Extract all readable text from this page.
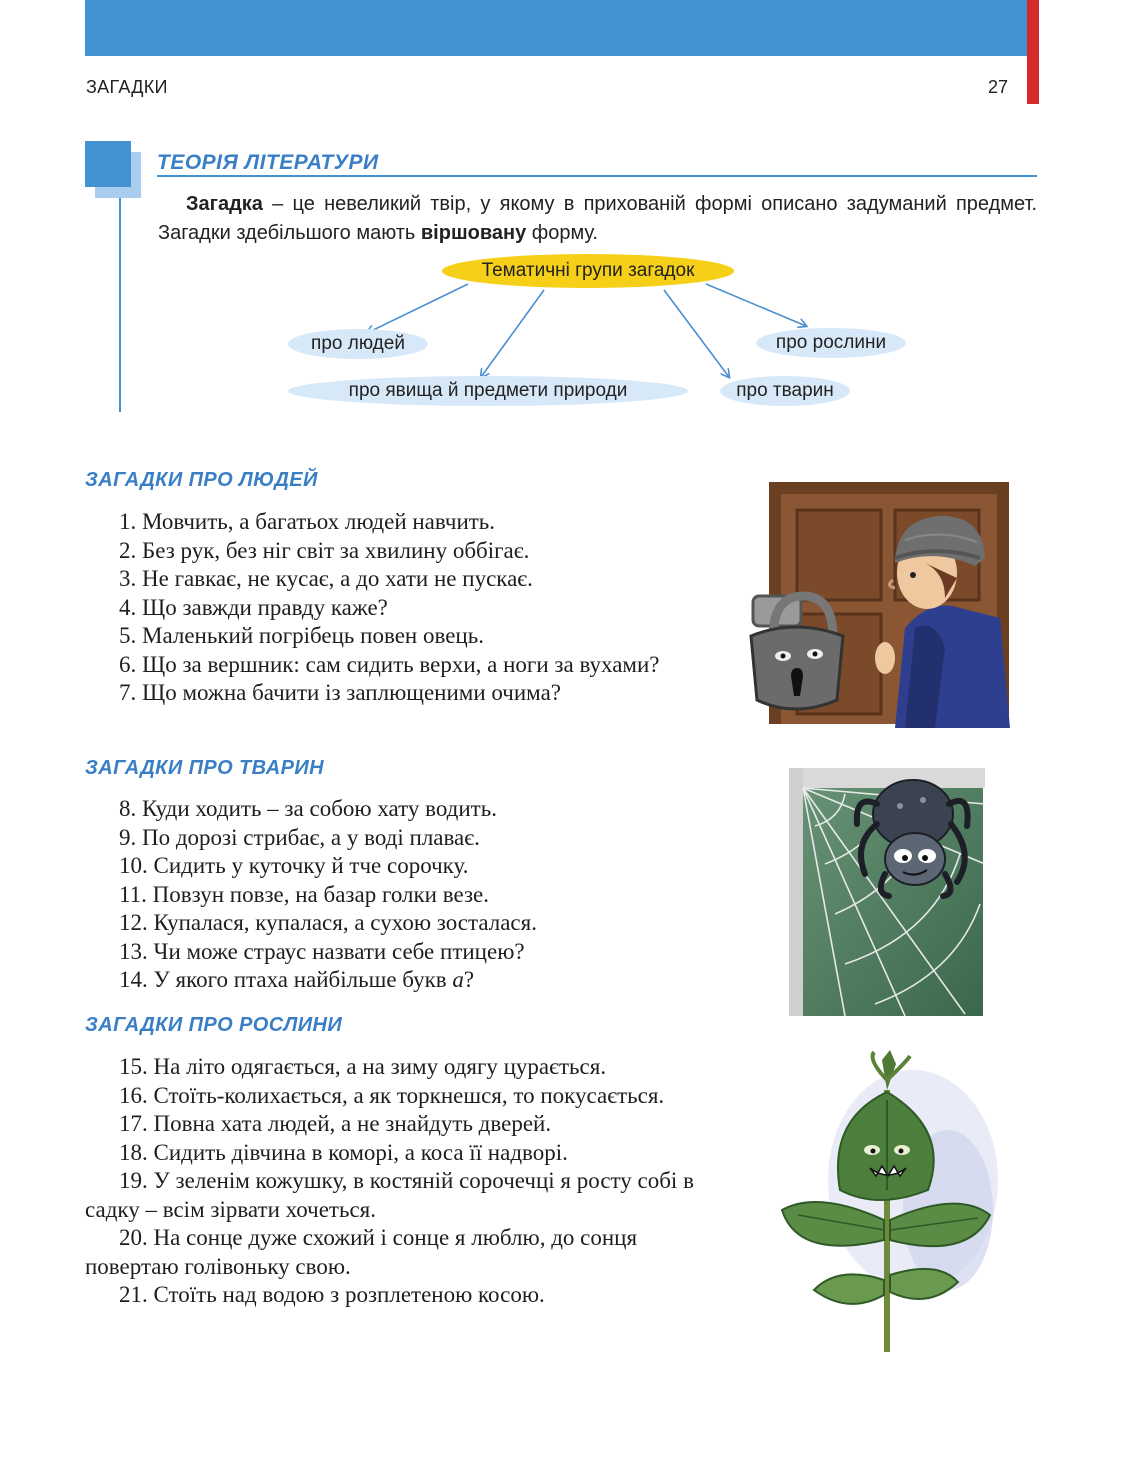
ЗАГАДКИ	27
ТЕОРІЯ ЛІТЕРАТУРИ

Загадка – це невеликий твір, у якому в прихованій формі описано задуманий предмет. Загадки здебільшого мають віршовану форму.

Тематичні групи загадок
про людей
про явища й предмети природи	про тварин
про рослини
ЗАГАДКИ ПРО ЛЮДЕЙ
1. Мовчить, а багатьох людей навчить.
2. Без рук, без ніг світ за хвилину оббігає.
3. Не гавкає, не кусає, а до хати не пускає.
4. Що завжди правду каже?
5. Маленький погрібець повен овець.
6. Що за вершник: сам сидить верхи, а ноги за вухами?
7. Що можна бачити із заплющеними очима?
ЗАГАДКИ ПРО ТВАРИН
8. Куди ходить – за собою хату водить.
9. По дорозі стрибає, а у воді плаває.
10. Сидить у куточку й тче сорочку.
11. Повзун повзе, на базар голки везе.
12. Купалася, купалася, а сухою зосталася.
13. Чи може страус назвати себе птицею?
14. У якого птаха найбільше букв а?
ЗАГАДКИ ПРО РОСЛИНИ
15. На літо одягається, а на зиму одягу цурається.
16. Стоїть-колихається, а як торкнешся, то покусається.
17. Повна хата людей, а не знайдуть дверей.
18. Сидить дівчина в коморі, а коса її надворі.
19. У зеленім кожушку, в костяній сорочечці я росту собі в садку – всім зірвати хочеться.
20. На сонце дуже схожий і сонце я люблю, до сонця повертаю голівоньку свою.
21. Стоїть над водою з розплетеною косою.
